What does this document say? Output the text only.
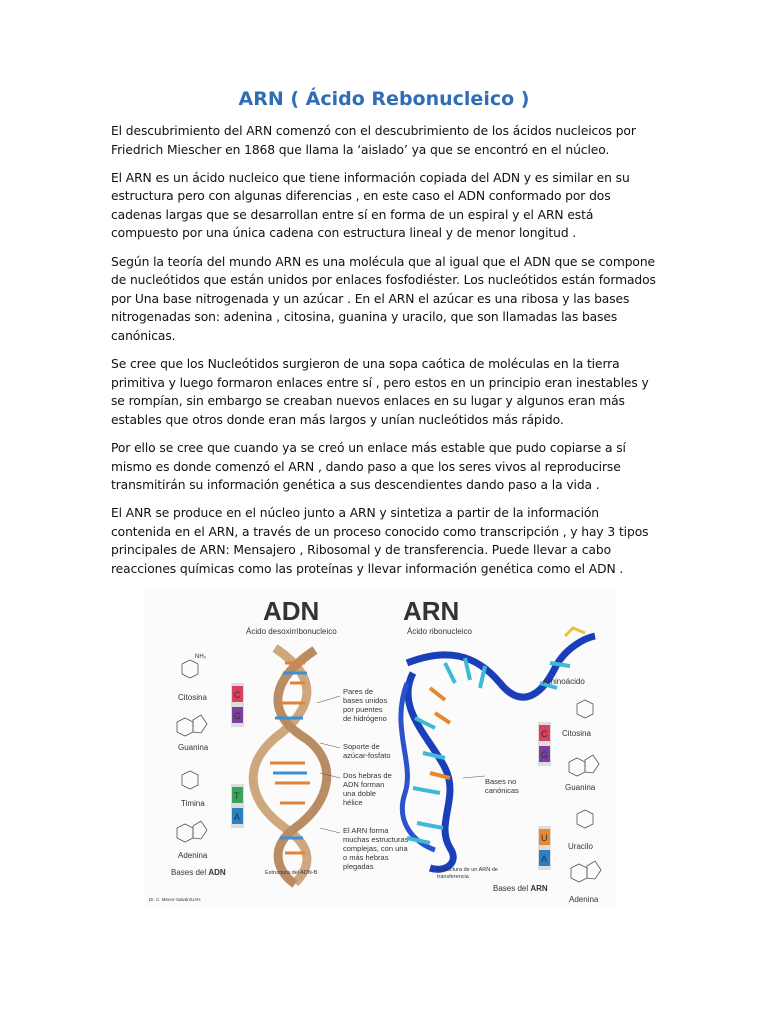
ARN ( Ácido Rebonucleico )

El descubrimiento del ARN comenzó con el descubrimiento de los ácidos nucleicos por Friedrich Miescher en 1868 que llama la ‘aislado’ ya que se encontró en el núcleo.

El ARN es un ácido nucleico que tiene información copiada del ADN y es similar en su estructura pero con algunas diferencias , en este caso el ADN conformado por dos cadenas largas que se desarrollan entre sí en forma de un espiral y el ARN está compuesto por una única cadena con estructura lineal y de menor longitud .

Según la teoría del mundo ARN es una molécula que al igual que el ADN que se compone de nucleótidos que están unidos por enlaces fosfodiéster. Los nucleótidos están formados por Una base nitrogenada y un azúcar . En el ARN el azúcar es una ribosa y las bases nitrogenadas son: adenina , citosina, guanina y uracilo, que son llamadas las bases canónicas.

Se cree que los Nucleótidos surgieron de una sopa caótica de moléculas en la tierra primitiva y luego formaron enlaces entre sí , pero estos en un principio eran inestables y se rompían, sin embargo se creaban nuevos enlaces en su lugar y algunos eran más estables que otros donde eran más largos y unían nucleótidos más rápido.

Por ello se cree que cuando ya se creó un enlace más estable que pudo copiarse a sí mismo es donde comenzó el ARN , dando paso a que los seres vivos al reproducirse transmitirán su información genética a sus descendientes dando paso a la vida .

El ANR se produce en el núcleo junto a ARN y sintetiza a partir de la información contenida en el ARN, a través de un proceso conocido como transcripción , y hay 3 tipos principales de ARN: Mensajero , Ribosomal y de transferencia. Puede llevar a cabo reacciones químicas como las proteínas y llevar información genética como el ADN .

ADN
Ácido desoxirribonucleico
ARN
Ácido ribonucleico
NH₂
Citosina
Guanina
Timina
Adenina
C
G
T
A
Estructura del ADN-B
Pares de
bases unidos
por puentes
de hidrógeno
Soporte de
azúcar-fosfato
Dos hebras de
ADN forman
una doble
hélice
El ARN forma
muchas estructuras
complejas, con una
o más hebras
plegadas
Aminoácido
Bases no
canónicas
Estructura de un ARN de
transferencia
C
G
U
A
Citosina
Guanina
Uracilo
Adenina
Bases del ADN
Bases del ARN
Dr. C. Menor-Salván/UAH
